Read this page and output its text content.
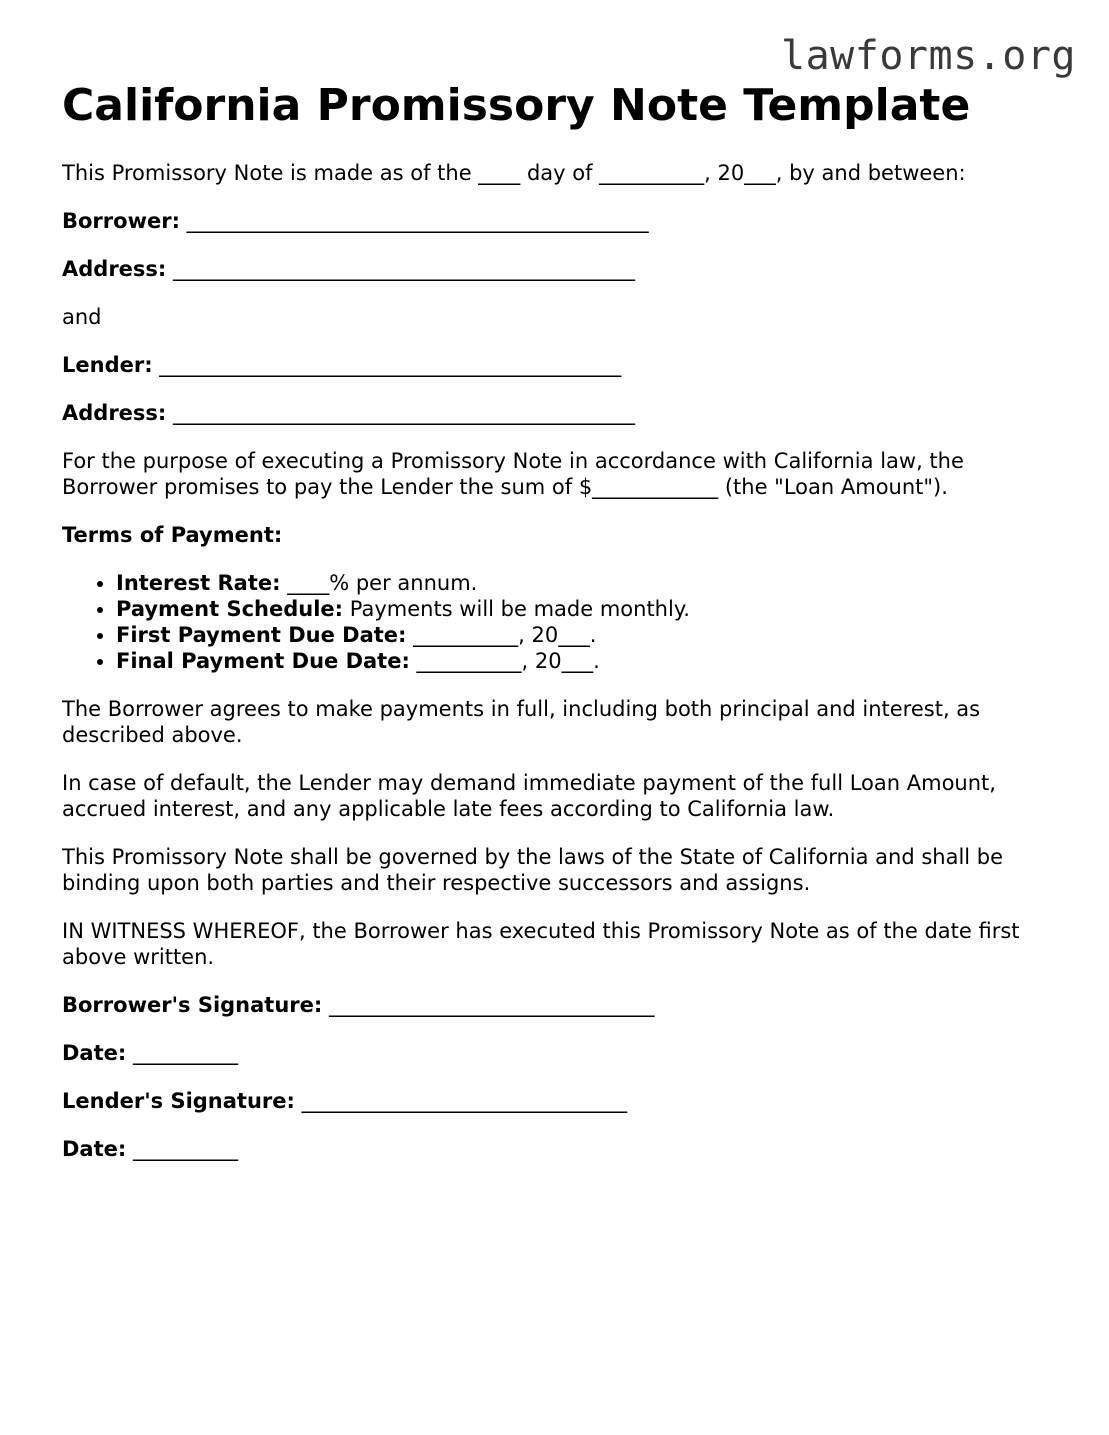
lawforms.org
California Promissory Note Template

This Promissory Note is made as of the ____ day of __________, 20___, by and between:

Borrower: ____________________________________________

Address: ____________________________________________

and

Lender: ____________________________________________

Address: ____________________________________________

For the purpose of executing a Promissory Note in accordance with California law, the Borrower promises to pay the Lender the sum of $____________ (the "Loan Amount").

Terms of Payment:

• Interest Rate: ____% per annum.
• Payment Schedule: Payments will be made monthly.
• First Payment Due Date: __________, 20___.
• Final Payment Due Date: __________, 20___.

The Borrower agrees to make payments in full, including both principal and interest, as described above.

In case of default, the Lender may demand immediate payment of the full Loan Amount, accrued interest, and any applicable late fees according to California law.

This Promissory Note shall be governed by the laws of the State of California and shall be binding upon both parties and their respective successors and assigns.

IN WITNESS WHEREOF, the Borrower has executed this Promissory Note as of the date first above written.

Borrower's Signature: _______________________________

Date: __________

Lender's Signature: _______________________________

Date: __________
